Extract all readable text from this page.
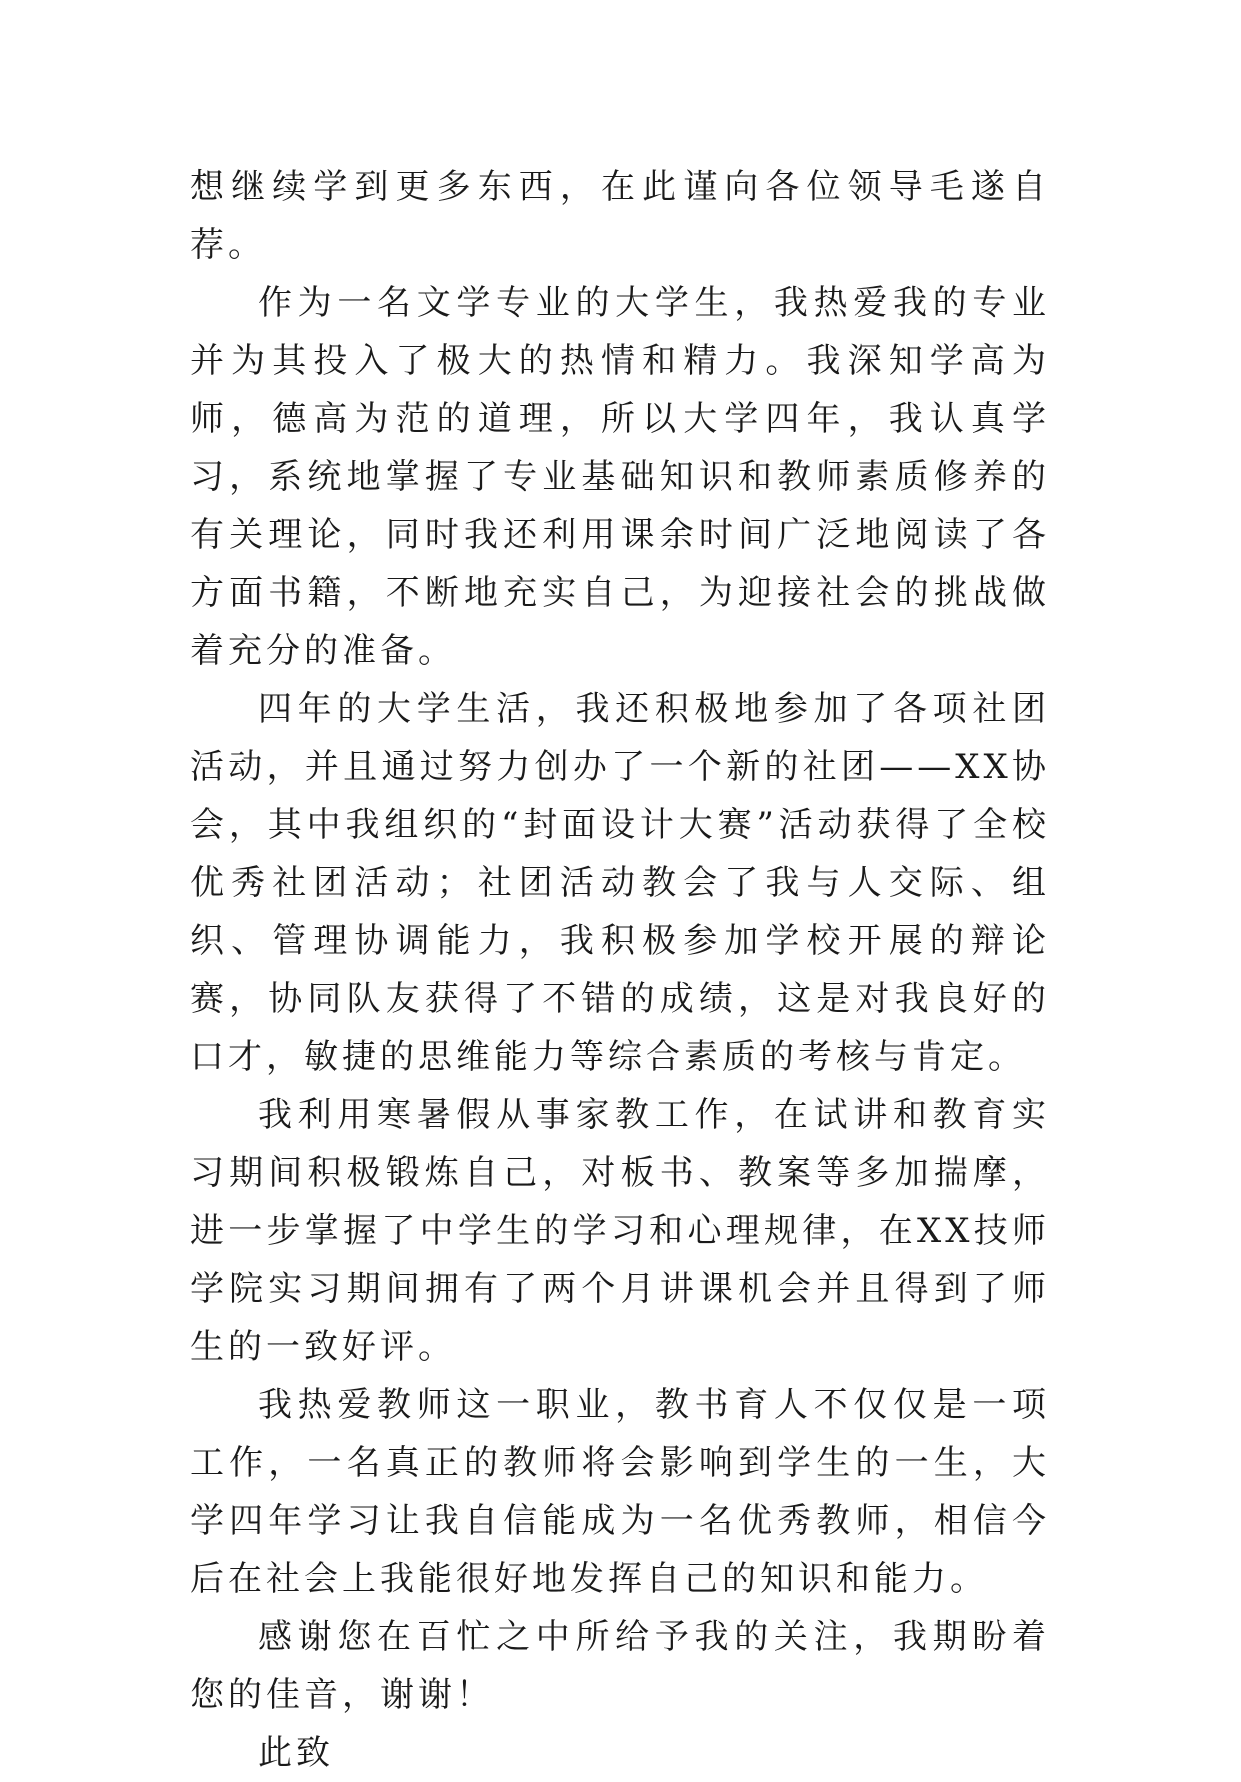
想继续学到更多东西，在此谨向各位领导毛遂自荐。

作为一名文学专业的大学生，我热爱我的专业并为其投入了极大的热情和精力。我深知学高为师，德高为范的道理，所以大学四年，我认真学习，系统地掌握了专业基础知识和教师素质修养的有关理论，同时我还利用课余时间广泛地阅读了各方面书籍，不断地充实自己，为迎接社会的挑战做着充分的准备。

四年的大学生活，我还积极地参加了各项社团活动，并且通过努力创办了一个新的社团——XX协会，其中我组织的“封面设计大赛”活动获得了全校优秀社团活动；社团活动教会了我与人交际、组织、管理协调能力，我积极参加学校开展的辩论赛，协同队友获得了不错的成绩，这是对我良好的口才，敏捷的思维能力等综合素质的考核与肯定。

我利用寒暑假从事家教工作，在试讲和教育实习期间积极锻炼自己，对板书、教案等多加揣摩，进一步掌握了中学生的学习和心理规律，在XX技师学院实习期间拥有了两个月讲课机会并且得到了师生的一致好评。

我热爱教师这一职业，教书育人不仅仅是一项工作，一名真正的教师将会影响到学生的一生，大学四年学习让我自信能成为一名优秀教师，相信今后在社会上我能很好地发挥自己的知识和能力。

感谢您在百忙之中所给予我的关注，我期盼着您的佳音，谢谢！

此致
